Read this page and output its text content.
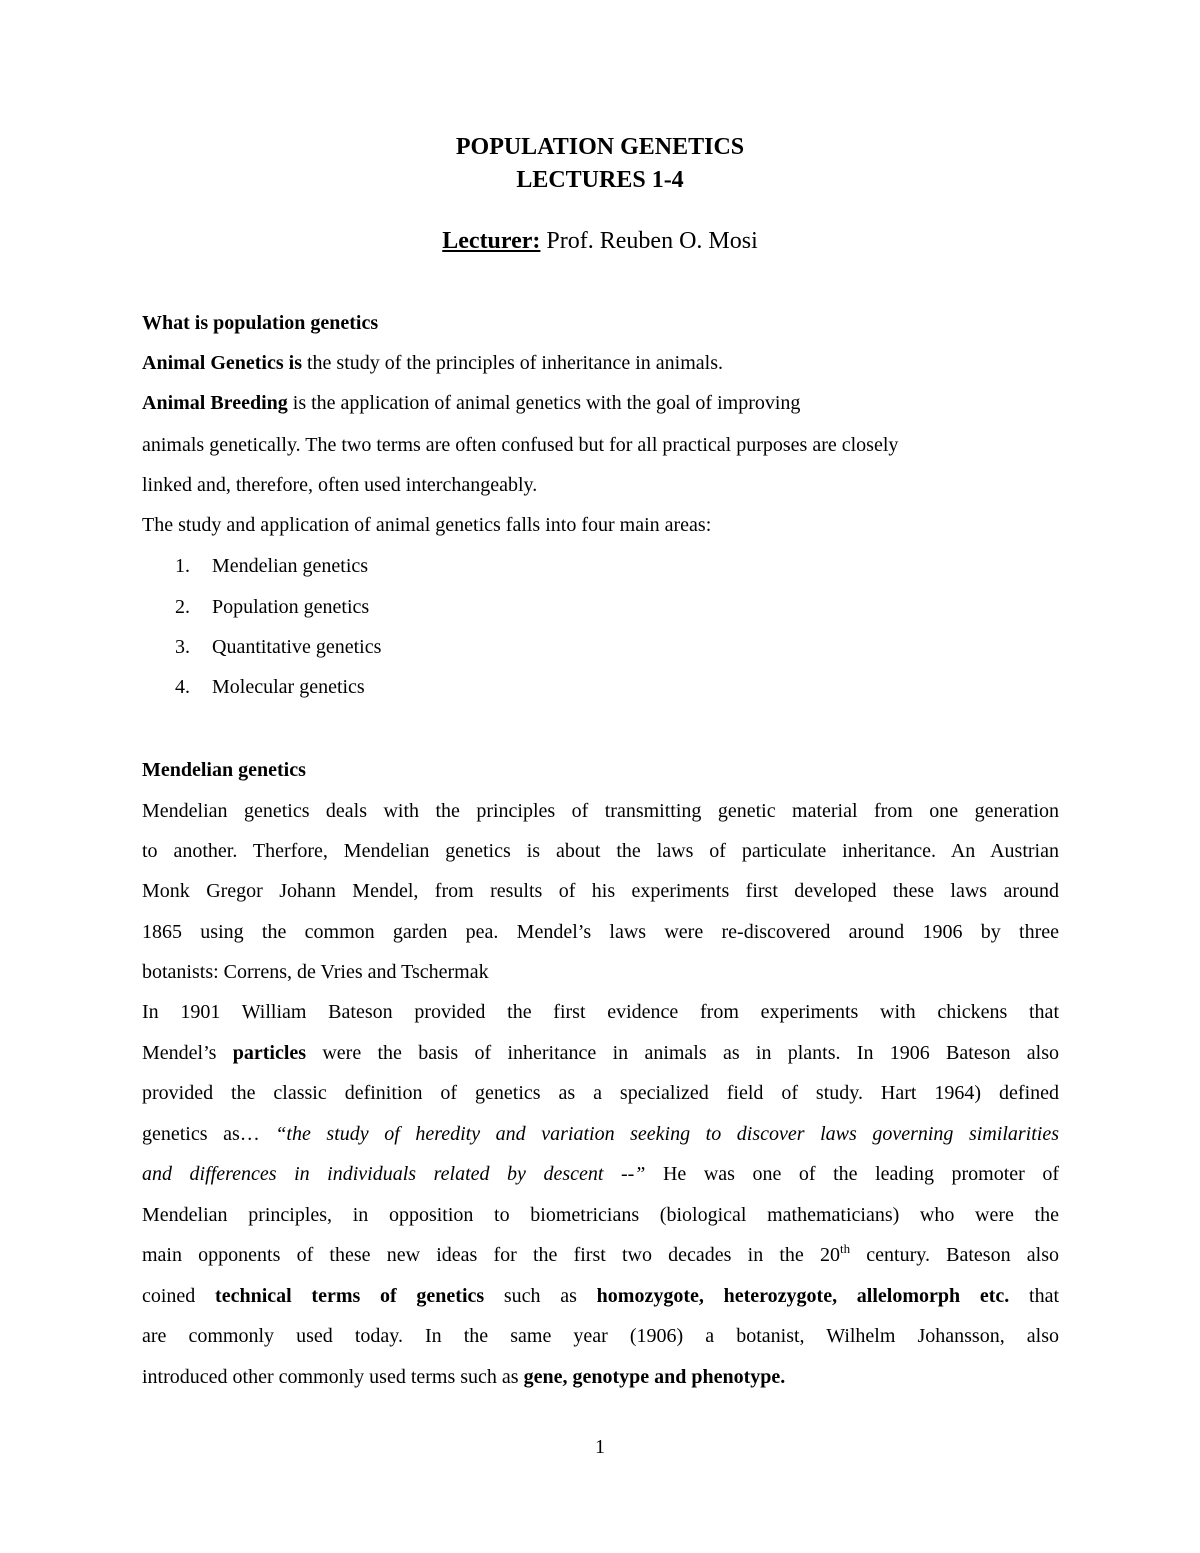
POPULATION GENETICS
LECTURES 1-4
Lecturer: Prof. Reuben O. Mosi
What is population genetics
Animal Genetics is the study of the principles of inheritance in animals.
Animal Breeding is the application of animal genetics with the goal of improving
animals genetically. The two terms are often confused but for all practical purposes are closely
linked and, therefore, often used interchangeably.
The study and application of animal genetics falls into four main areas:
1. Mendelian genetics
2. Population genetics
3. Quantitative genetics
4. Molecular genetics
Mendelian genetics
Mendelian genetics deals with the principles of transmitting genetic material from one generation
to another. Therfore, Mendelian genetics is about the laws of particulate inheritance. An Austrian
Monk Gregor Johann Mendel, from results of his experiments first developed these laws around
1865 using the common garden pea. Mendel’s laws were re-discovered around 1906 by three
botanists: Correns, de Vries and Tschermak
In 1901 William Bateson provided the first evidence from experiments with chickens that
Mendel’s particles were the basis of inheritance in animals as in plants. In 1906 Bateson also
provided the classic definition of genetics as a specialized field of study. Hart 1964) defined
genetics as… “the study of heredity and variation seeking to discover laws governing similarities
and differences in individuals related by descent --” He was one of the leading promoter of
Mendelian principles, in opposition to biometricians (biological mathematicians) who were the
main opponents of these new ideas for the first two decades in the 20th century. Bateson also
coined technical terms of genetics such as homozygote, heterozygote, allelomorph etc. that
are commonly used today. In the same year (1906) a botanist, Wilhelm Johansson, also
introduced other commonly used terms such as gene, genotype and phenotype.
1
